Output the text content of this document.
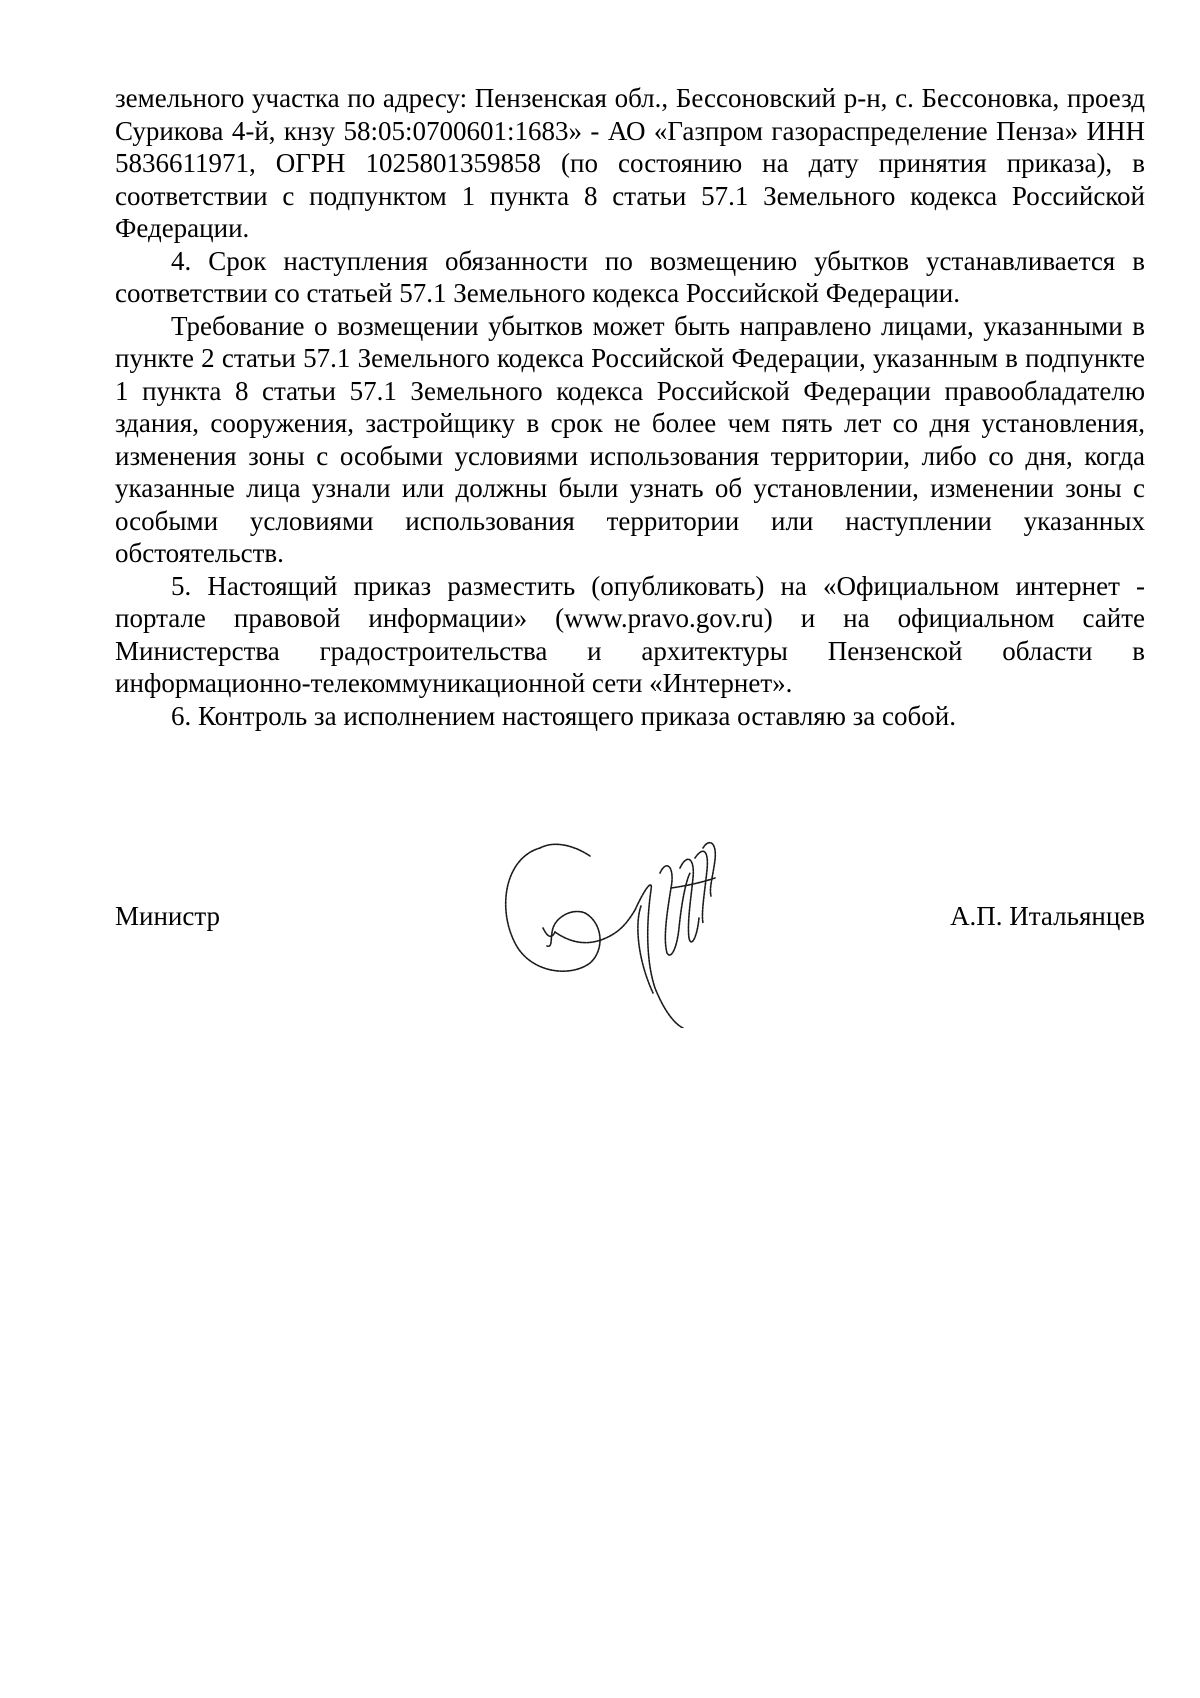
земельного участка по адресу: Пензенская обл., Бессоновский р-н, с. Бессоновка, проезд Сурикова 4-й, кнзу 58:05:0700601:1683» - АО «Газпром газораспределение Пенза» ИНН 5836611971, ОГРН 1025801359858 (по состоянию на дату принятия приказа), в соответствии с подпунктом 1 пункта 8 статьи 57.1 Земельного кодекса Российской Федерации.

4. Срок наступления обязанности по возмещению убытков устанавливается в соответствии со статьей 57.1 Земельного кодекса Российской Федерации.

Требование о возмещении убытков может быть направлено лицами, указанными в пункте 2 статьи 57.1 Земельного кодекса Российской Федерации, указанным в подпункте 1 пункта 8 статьи 57.1 Земельного кодекса Российской Федерации правообладателю здания, сооружения, застройщику в срок не более чем пять лет со дня установления, изменения зоны с особыми условиями использования территории, либо со дня, когда указанные лица узнали или должны были узнать об установлении, изменении зоны с особыми условиями использования территории или наступлении указанных обстоятельств.

5. Настоящий приказ разместить (опубликовать) на «Официальном интернет - портале правовой информации» (www.pravo.gov.ru) и на официальном сайте Министерства градостроительства и архитектуры Пензенской области в информационно-телекоммуникационной сети «Интернет».

6. Контроль за исполнением настоящего приказа оставляю за собой.

Министр	А.П. Итальянцев
